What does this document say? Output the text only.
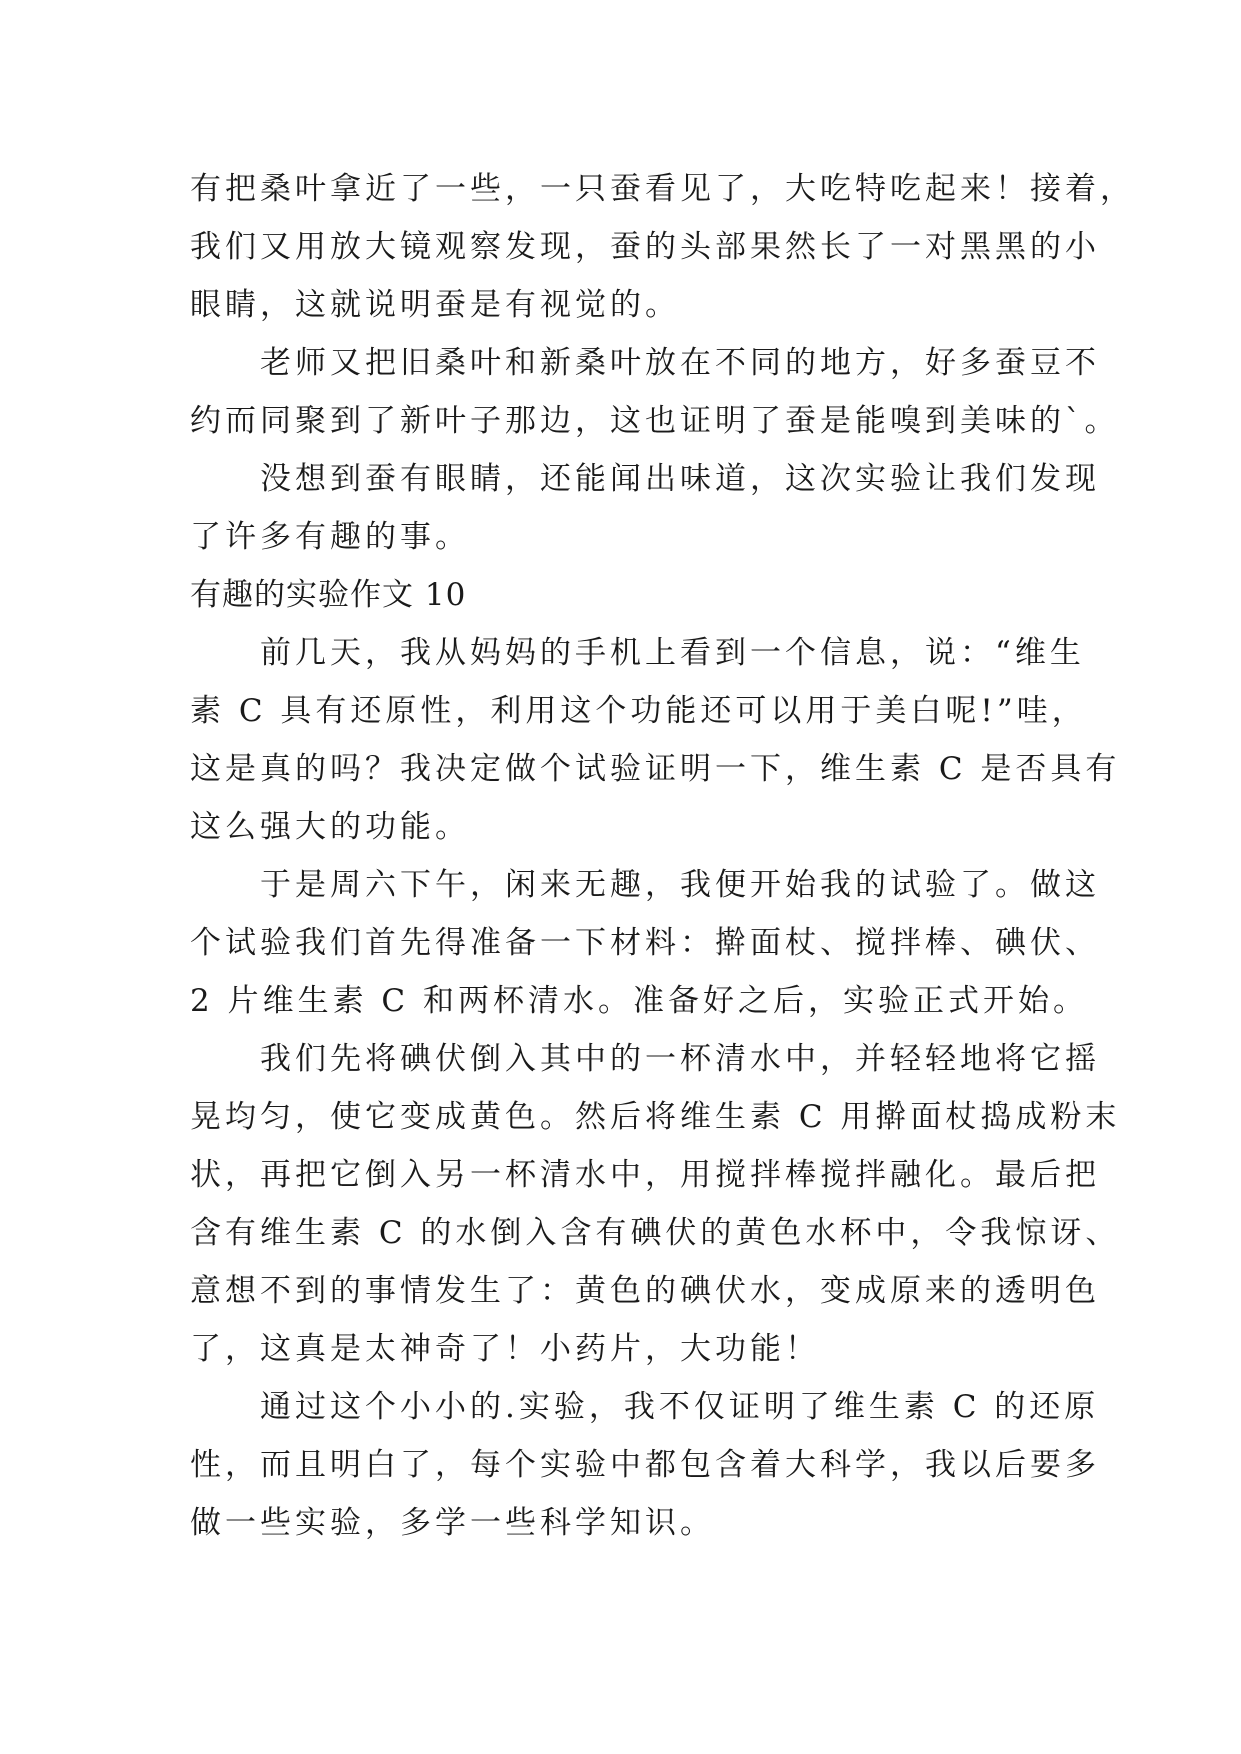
有把桑叶拿近了一些，一只蚕看见了，大吃特吃起来！接着，
我们又用放大镜观察发现，蚕的头部果然长了一对黑黑的小
眼睛，这就说明蚕是有视觉的。
老师又把旧桑叶和新桑叶放在不同的地方，好多蚕豆不
约而同聚到了新叶子那边，这也证明了蚕是能嗅到美味的`。
没想到蚕有眼睛，还能闻出味道，这次实验让我们发现
了许多有趣的事。
有趣的实验作文 10
前几天，我从妈妈的手机上看到一个信息，说：“维生
素 C 具有还原性，利用这个功能还可以用于美白呢!”哇，
这是真的吗？我决定做个试验证明一下，维生素 C 是否具有
这么强大的功能。
于是周六下午，闲来无趣，我便开始我的试验了。做这
个试验我们首先得准备一下材料：擀面杖、搅拌棒、碘伏、
2 片维生素 C 和两杯清水。准备好之后，实验正式开始。
我们先将碘伏倒入其中的一杯清水中，并轻轻地将它摇
晃均匀，使它变成黄色。然后将维生素 C 用擀面杖捣成粉末
状，再把它倒入另一杯清水中，用搅拌棒搅拌融化。最后把
含有维生素 C 的水倒入含有碘伏的黄色水杯中，令我惊讶、
意想不到的事情发生了：黄色的碘伏水，变成原来的透明色
了，这真是太神奇了！小药片，大功能！
通过这个小小的.实验，我不仅证明了维生素 C 的还原
性，而且明白了，每个实验中都包含着大科学，我以后要多
做一些实验，多学一些科学知识。
